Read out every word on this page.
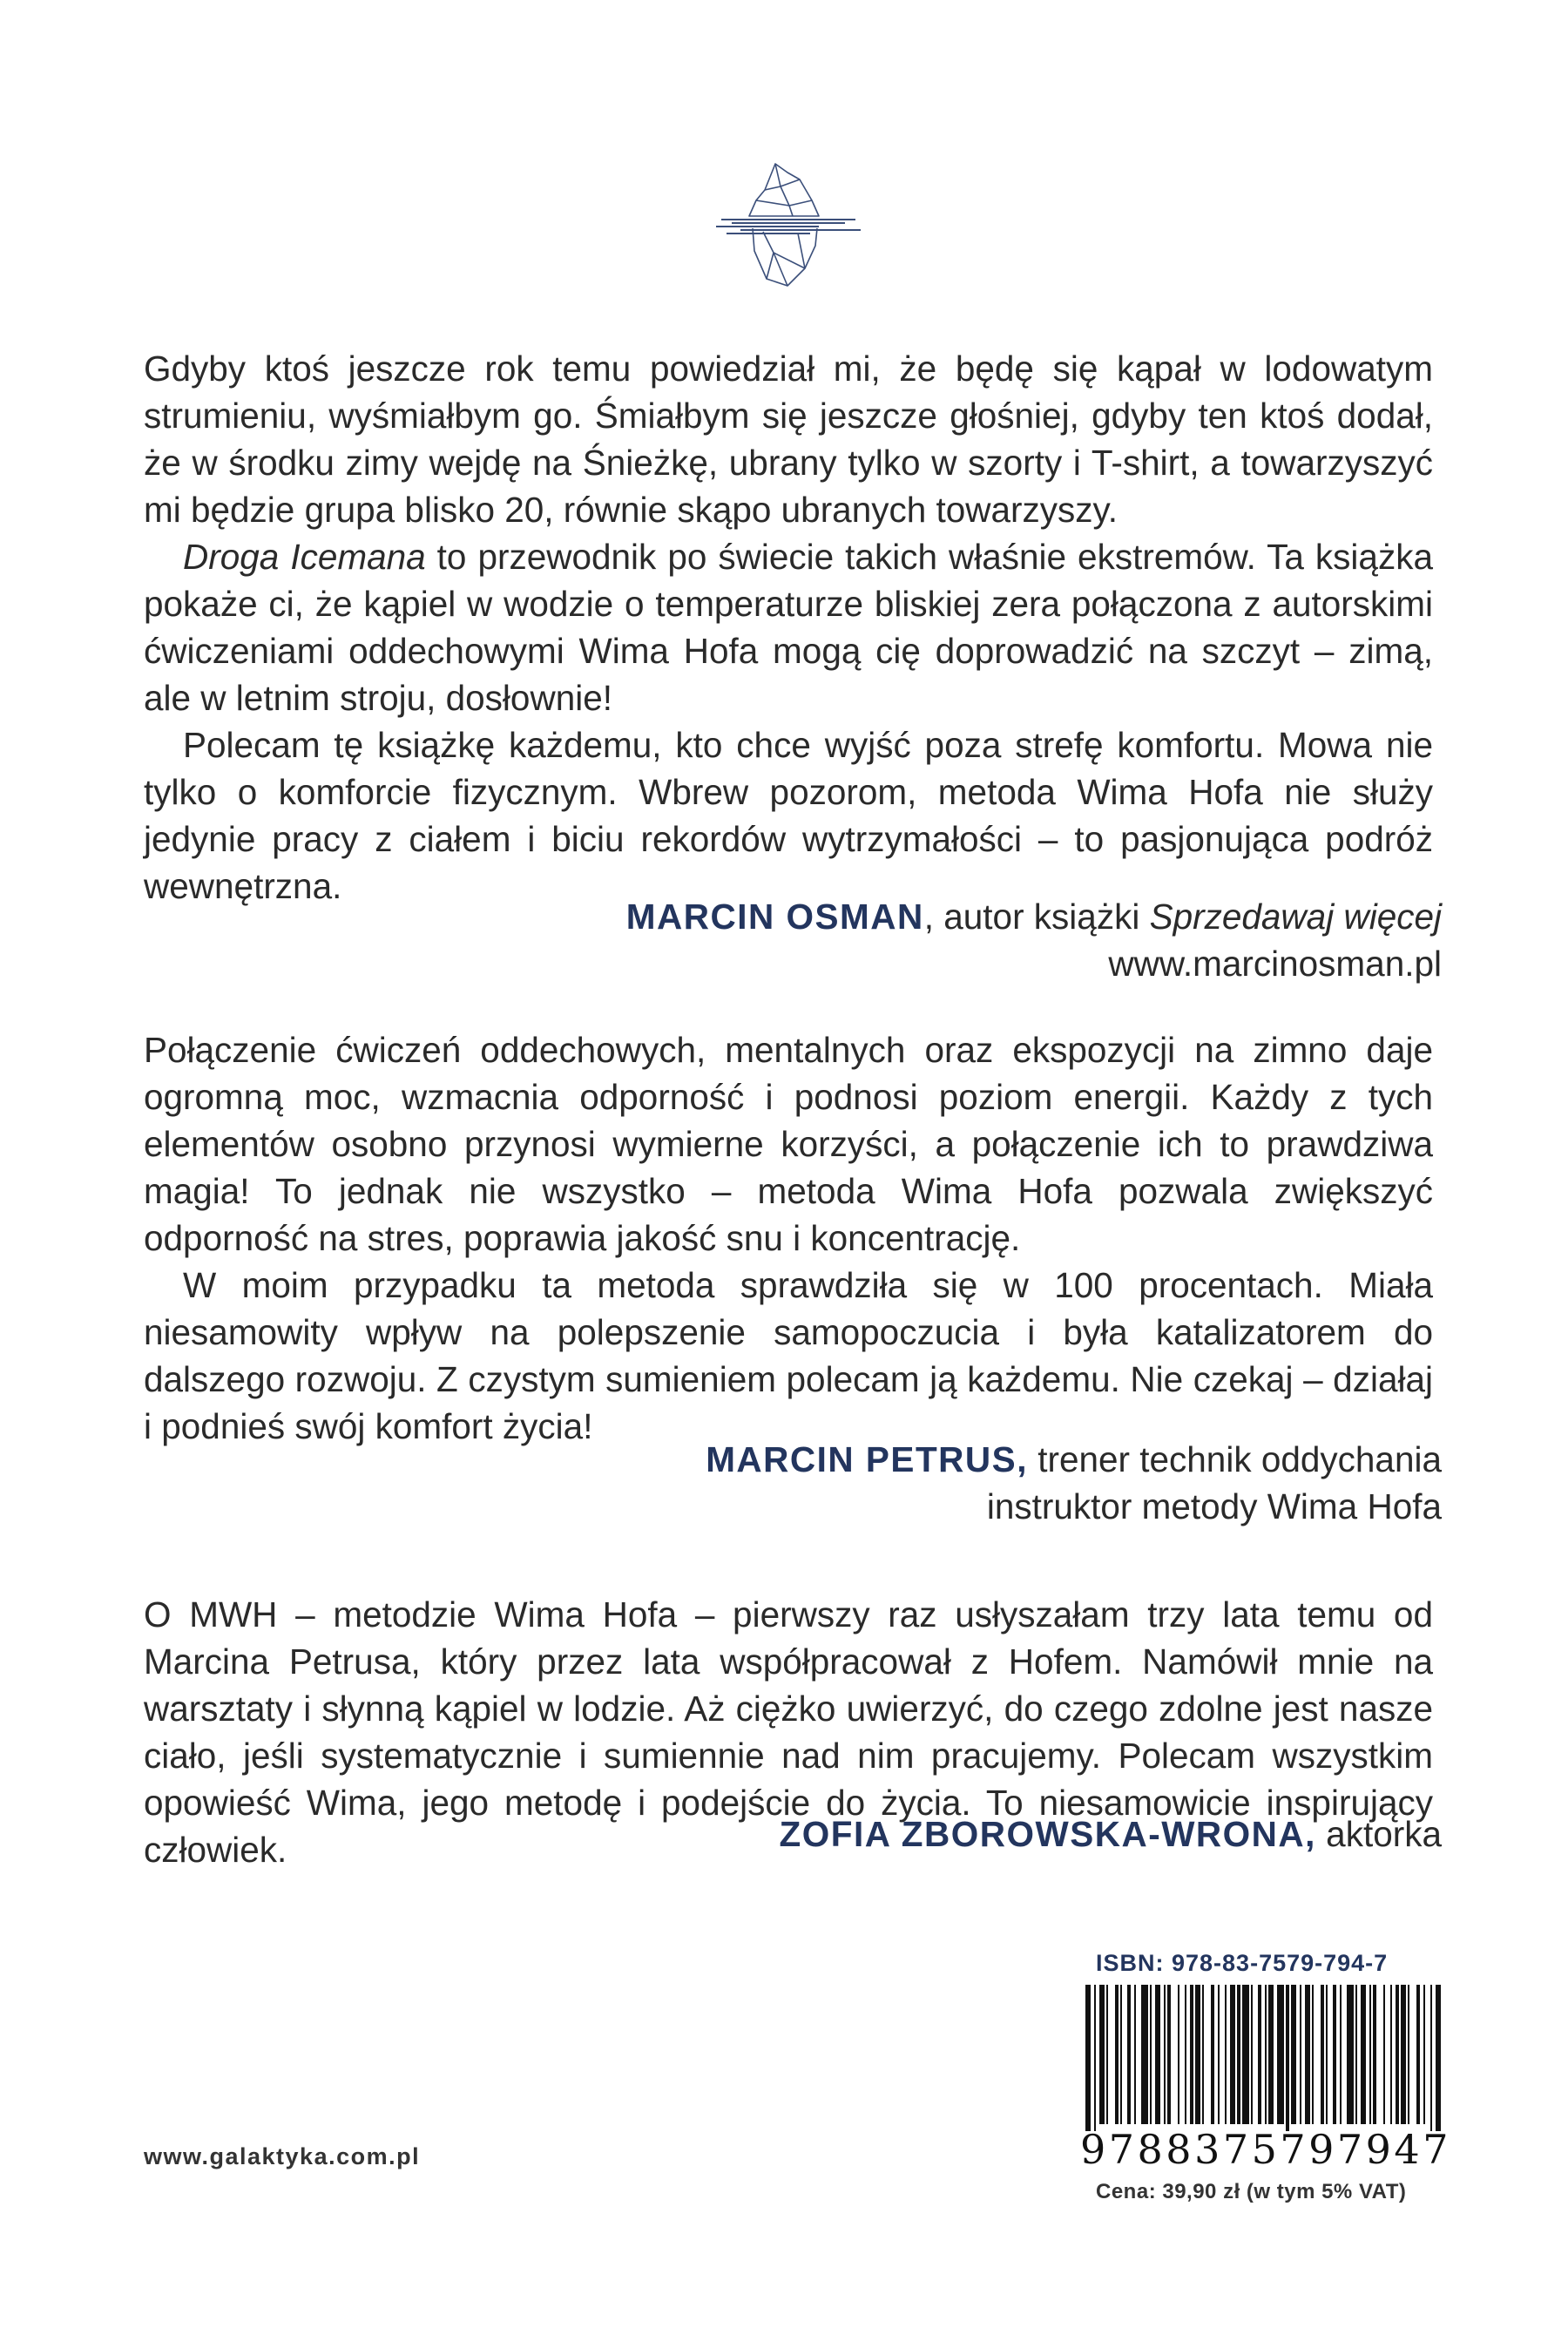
Gdyby ktoś jeszcze rok temu powiedział mi, że będę się kąpał w lodowatym strumieniu, wyśmiałbym go. Śmiałbym się jeszcze głośniej, gdyby ten ktoś dodał, że w środku zimy wejdę na Śnieżkę, ubrany tylko w szorty i T-shirt, a towarzyszyć mi będzie grupa blisko 20, równie skąpo ubranych towarzyszy.

Droga Icemana to przewodnik po świecie takich właśnie ekstremów. Ta książka pokaże ci, że kąpiel w wodzie o temperaturze bliskiej zera połączona z autorskimi ćwiczeniami oddechowymi Wima Hofa mogą cię doprowadzić na szczyt – zimą, ale w letnim stroju, dosłownie!

Polecam tę książkę każdemu, kto chce wyjść poza strefę komfortu. Mowa nie tylko o komforcie fizycznym. Wbrew pozorom, metoda Wima Hofa nie służy jedynie pracy z ciałem i biciu rekordów wytrzymałości – to pasjonująca podróż wewnętrzna.

MARCIN OSMAN, autor książki Sprzedawaj więcej
www.marcinosman.pl

Połączenie ćwiczeń oddechowych, mentalnych oraz ekspozycji na zimno daje ogromną moc, wzmacnia odporność i podnosi poziom energii. Każdy z tych elementów osobno przynosi wymierne korzyści, a połączenie ich to prawdziwa magia! To jednak nie wszystko – metoda Wima Hofa pozwala zwiększyć odporność na stres, poprawia jakość snu i koncentrację.

W moim przypadku ta metoda sprawdziła się w 100 procentach. Miała niesamowity wpływ na polepszenie samopoczucia i była katalizatorem do dalszego rozwoju. Z czystym sumieniem polecam ją każdemu. Nie czekaj – działaj i podnieś swój komfort życia!

MARCIN PETRUS, trener technik oddychania
instruktor metody Wima Hofa

O MWH – metodzie Wima Hofa – pierwszy raz usłyszałam trzy lata temu od Marcina Petrusa, który przez lata współpracował z Hofem. Namówił mnie na warsztaty i słynną kąpiel w lodzie. Aż ciężko uwierzyć, do czego zdolne jest nasze ciało, jeśli systematycznie i sumiennie nad nim pracujemy. Polecam wszystkim opowieść Wima, jego metodę i podejście do życia. To niesamowicie inspirujący człowiek.	ZOFIA ZBOROWSKA-WRONA, aktorka
ISBN: 978-83-7579-794-7
9788375797947
Cena: 39,90 zł (w tym 5% VAT)
www.galaktyka.com.pl
